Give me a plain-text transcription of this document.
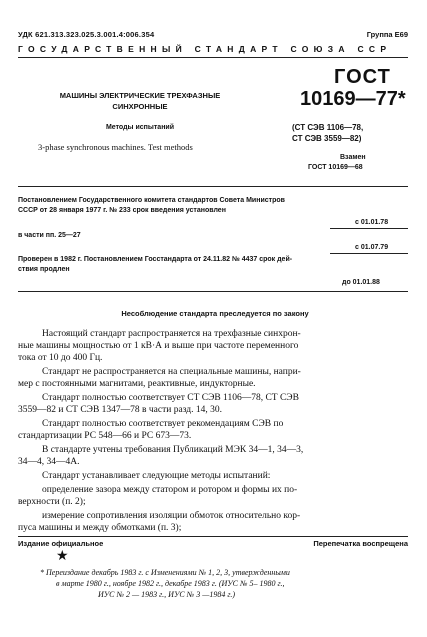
УДК 621.313.323.025.3.001.4:006.354	Группа Е69
ГОСУДАРСТВЕННЫЙ СТАНДАРТ СОЮЗА ССР
МАШИНЫ ЭЛЕКТРИЧЕСКИЕ ТРЕХФАЗНЫЕ
СИНХРОННЫЕ
Методы испытаний
3-phase synchronous machines. Test methods
ГОСТ
10169—77*
(СТ СЭВ 1106—78,
СТ СЭВ 3559—82)
Взамен
ГОСТ 10169—68
Постановлением Государственного комитета стандартов Совета Министров
СССР от 28 января 1977 г. № 233 срок введения установлен
с 01.01.78
в части пп. 25—27
с 01.07.79
Проверен в 1982 г. Постановлением Госстандарта от 24.11.82 № 4437 срок дей-
ствия продлен
до 01.01.88
Несоблюдение стандарта преследуется по закону
Настоящий стандарт распространяется на трехфазные синхрон-
ные машины мощностью от 1 кВ·А и выше при частоте переменного
тока от 10 до 400 Гц.
Стандарт не распространяется на специальные машины, напри-
мер с постоянными магнитами, реактивные, индукторные.
Стандарт полностью соответствует СТ СЭВ 1106—78, СТ СЭВ
3559—82 и СТ СЭВ 1347—78 в части разд. 14, 30.
Стандарт полностью соответствует рекомендациям СЭВ по
стандартизации РС 548—66 и РС 673—73.
В стандарте учтены требования Публикаций МЭК 34—1, 34—3,
34—4, 34—4А.
Стандарт устанавливает следующие методы испытаний:
определение зазора между статором и ротором и формы их по-
верхности (п. 2);
измерение сопротивления изоляции обмоток относительно кор-
пуса машины и между обмотками (п. 3);
Издание официальное	Перепечатка воспрещена
★
* Переиздание декабрь 1983 г. с Изменениями № 1, 2, 3, утвержденными
в марте 1980 г., ноябре 1982 г., декабре 1983 г. (ИУС № 5– 1980 г.,
ИУС № 2 — 1983 г., ИУС № 3 —1984 г.)
